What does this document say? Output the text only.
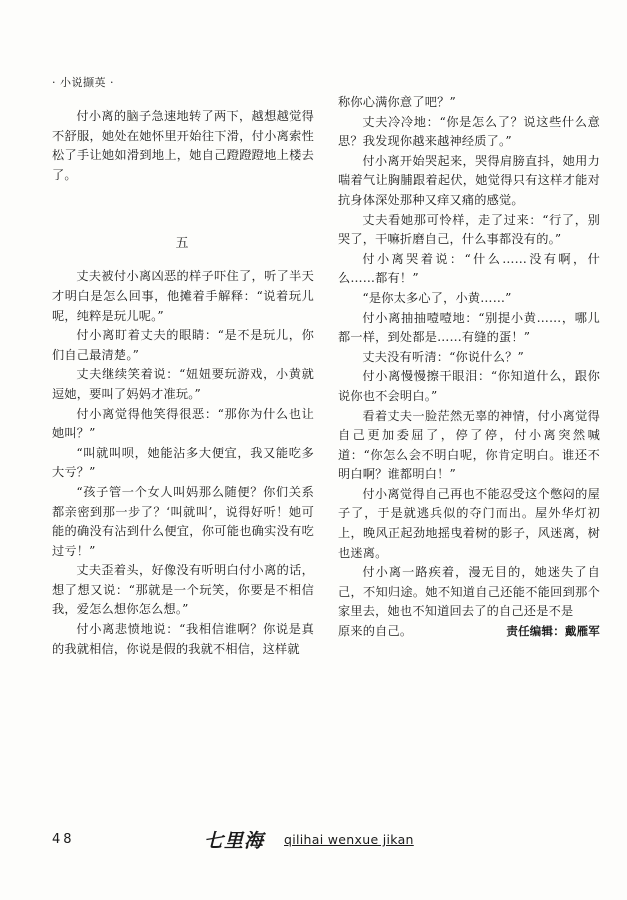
· 小说撷英 ·

付小离的脑子急速地转了两下，越想越觉得不舒服，她处在她怀里开始往下滑，付小离索性松了手让她如滑到地上，她自己蹬蹬蹬地上楼去了。

五

丈夫被付小离凶恶的样子吓住了，听了半天才明白是怎么回事，他摊着手解释：“说着玩儿呢，纯粹是玩儿呢。”

付小离盯着丈夫的眼睛：“是不是玩儿，你们自己最清楚。”

丈夫继续笑着说：“妞妞要玩游戏，小黄就逗她，要叫了妈妈才准玩。”

付小离觉得他笑得很恶：“那你为什么也让她叫？”

“叫就叫呗，她能沾多大便宜，我又能吃多大亏？”

“孩子管一个女人叫妈那么随便？你们关系都亲密到那一步了？‘叫就叫’，说得好听！她可能的确没有沾到什么便宜，你可能也确实没有吃过亏！”

丈夫歪着头，好像没有听明白付小离的话，想了想又说：“那就是一个玩笑，你要是不相信我，爱怎么想你怎么想。”

付小离悲愤地说：“我相信谁啊？你说是真的我就相信，你说是假的我就不相信，这样就

称你心满你意了吧？”

丈夫冷冷地：“你是怎么了？说这些什么意思？我发现你越来越神经质了。”

付小离开始哭起来，哭得肩膀直抖，她用力喘着气让胸脯跟着起伏，她觉得只有这样才能对抗身体深处那种又痒又痛的感觉。

丈夫看她那可怜样，走了过来：“行了，别哭了，干嘛折磨自己，什么事都没有的。”

付小离哭着说：“什么……没有啊，什么……都有！”

“是你太多心了，小黄……”

付小离抽抽噎噎地：“别提小黄……，哪儿都一样，到处都是……有缝的蛋！”

丈夫没有听清：“你说什么？”

付小离慢慢擦干眼泪：“你知道什么，跟你说你也不会明白。”

看着丈夫一脸茫然无辜的神情，付小离觉得自己更加委屈了，停了停，付小离突然喊道：“你怎么会不明白呢，你肯定明白。谁还不明白啊？谁都明白！”

付小离觉得自己再也不能忍受这个憋闷的屋子了，于是就逃兵似的夺门而出。屋外华灯初上，晚风正起劲地摇曳着树的影子，风迷离，树也迷离。

付小离一路疾着，漫无目的，她迷失了自己，不知归途。她不知道自己还能不能回到那个家里去，她也不知道回去了的自己还是不是

原来的自己。	责任编辑：戴雁军

48	七里海 qilihai wenxue jikan
